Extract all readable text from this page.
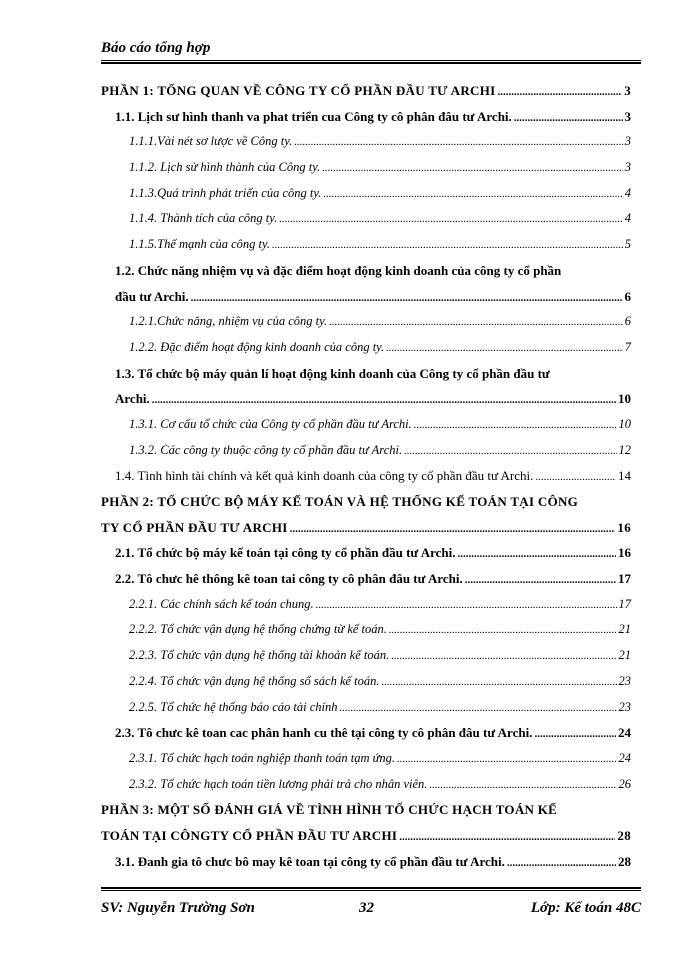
Báo cáo tổng hợp
PHẦN 1: TỔNG QUAN VỀ CÔNG TY CỔ PHẦN ĐẦU TƯ ARCHI .....	3
1.1. Lịch sư hình thanh va phat triển cua Công ty cô phân đâu tư Archi. .....	3
1.1.1.Vài nét sơ lược về Công ty. .....	3
1.1.2. Lịch sử hình thành của Công ty. .....	3
1.1.3.Quá trình phát triển của công ty. .....	4
1.1.4. Thành tích của công ty. .....	4
1.1.5.Thế mạnh của công ty. .....	5
1.2. Chức năng nhiệm vụ và đặc điểm hoạt động kinh doanh của công ty cổ phần
đầu tư Archi. .....	6
1.2.1.Chức năng, nhiệm vụ của công ty. .....	6
1.2.2. Đặc điểm hoạt động kinh doanh của công ty. .....	7
1.3. Tổ chức bộ máy quản lí hoạt động kinh doanh của Công ty cổ phần đầu tư
Archi. .....	10
1.3.1. Cơ cấu tổ chức của Công ty cổ phần đầu tư Archi. .....	10
1.3.2. Các công ty thuộc công ty cổ phần đầu tư Archi. .....	12
1.4. Tình hình tài chính và kết quả kinh doanh của công ty cổ phần đầu tư Archi. .....	14
PHẦN 2: TỔ CHỨC BỘ MÁY KẾ TOÁN VÀ HỆ THỐNG KẾ TOÁN TẠI CÔNG
TY CỔ PHẦN ĐẦU TƯ ARCHI .....	16
2.1. Tổ chức bộ máy kế toán tại công ty cổ phần đầu tư Archi. .....	16
2.2. Tô chưc hê thông kê toan tai công ty cô phân đâu tư Archi. .....	17
2.2.1. Các chính sách kế toán chung. .....	17
2.2.2. Tổ chức vận dụng hệ thống chứng từ kế toán. .....	21
2.2.3. Tổ chức vận dụng hệ thống tài khoản kế toán. .....	21
2.2.4. Tổ chức vận dụng hệ thống sổ sách kế toán. .....	23
2.2.5. Tổ chức hệ thống báo cáo tài chính .....	23
2.3. Tô chưc kê toan cac phân hanh cu thê tại công ty cô phân đâu tư Archi. .....	24
2.3.1. Tổ chức hạch toán nghiệp thanh toán tạm ứng. .....	24
2.3.2. Tổ chức hạch toán tiền lương phải trả cho nhân viên. .....	26
PHẦN 3: MỘT SỐ ĐÁNH GIÁ VỀ TÌNH HÌNH TỔ CHỨC HẠCH TOÁN KẾ
TOÁN TẠI CÔNGTY CỔ PHẦN ĐẦU TƯ ARCHI .....	28
3.1. Đanh gia tô chưc bô may kê toan tại công ty cổ phần đầu tư Archi. .....	28
SV: Nguyễn Trường Sơn	32	Lớp: Kế toán 48C
